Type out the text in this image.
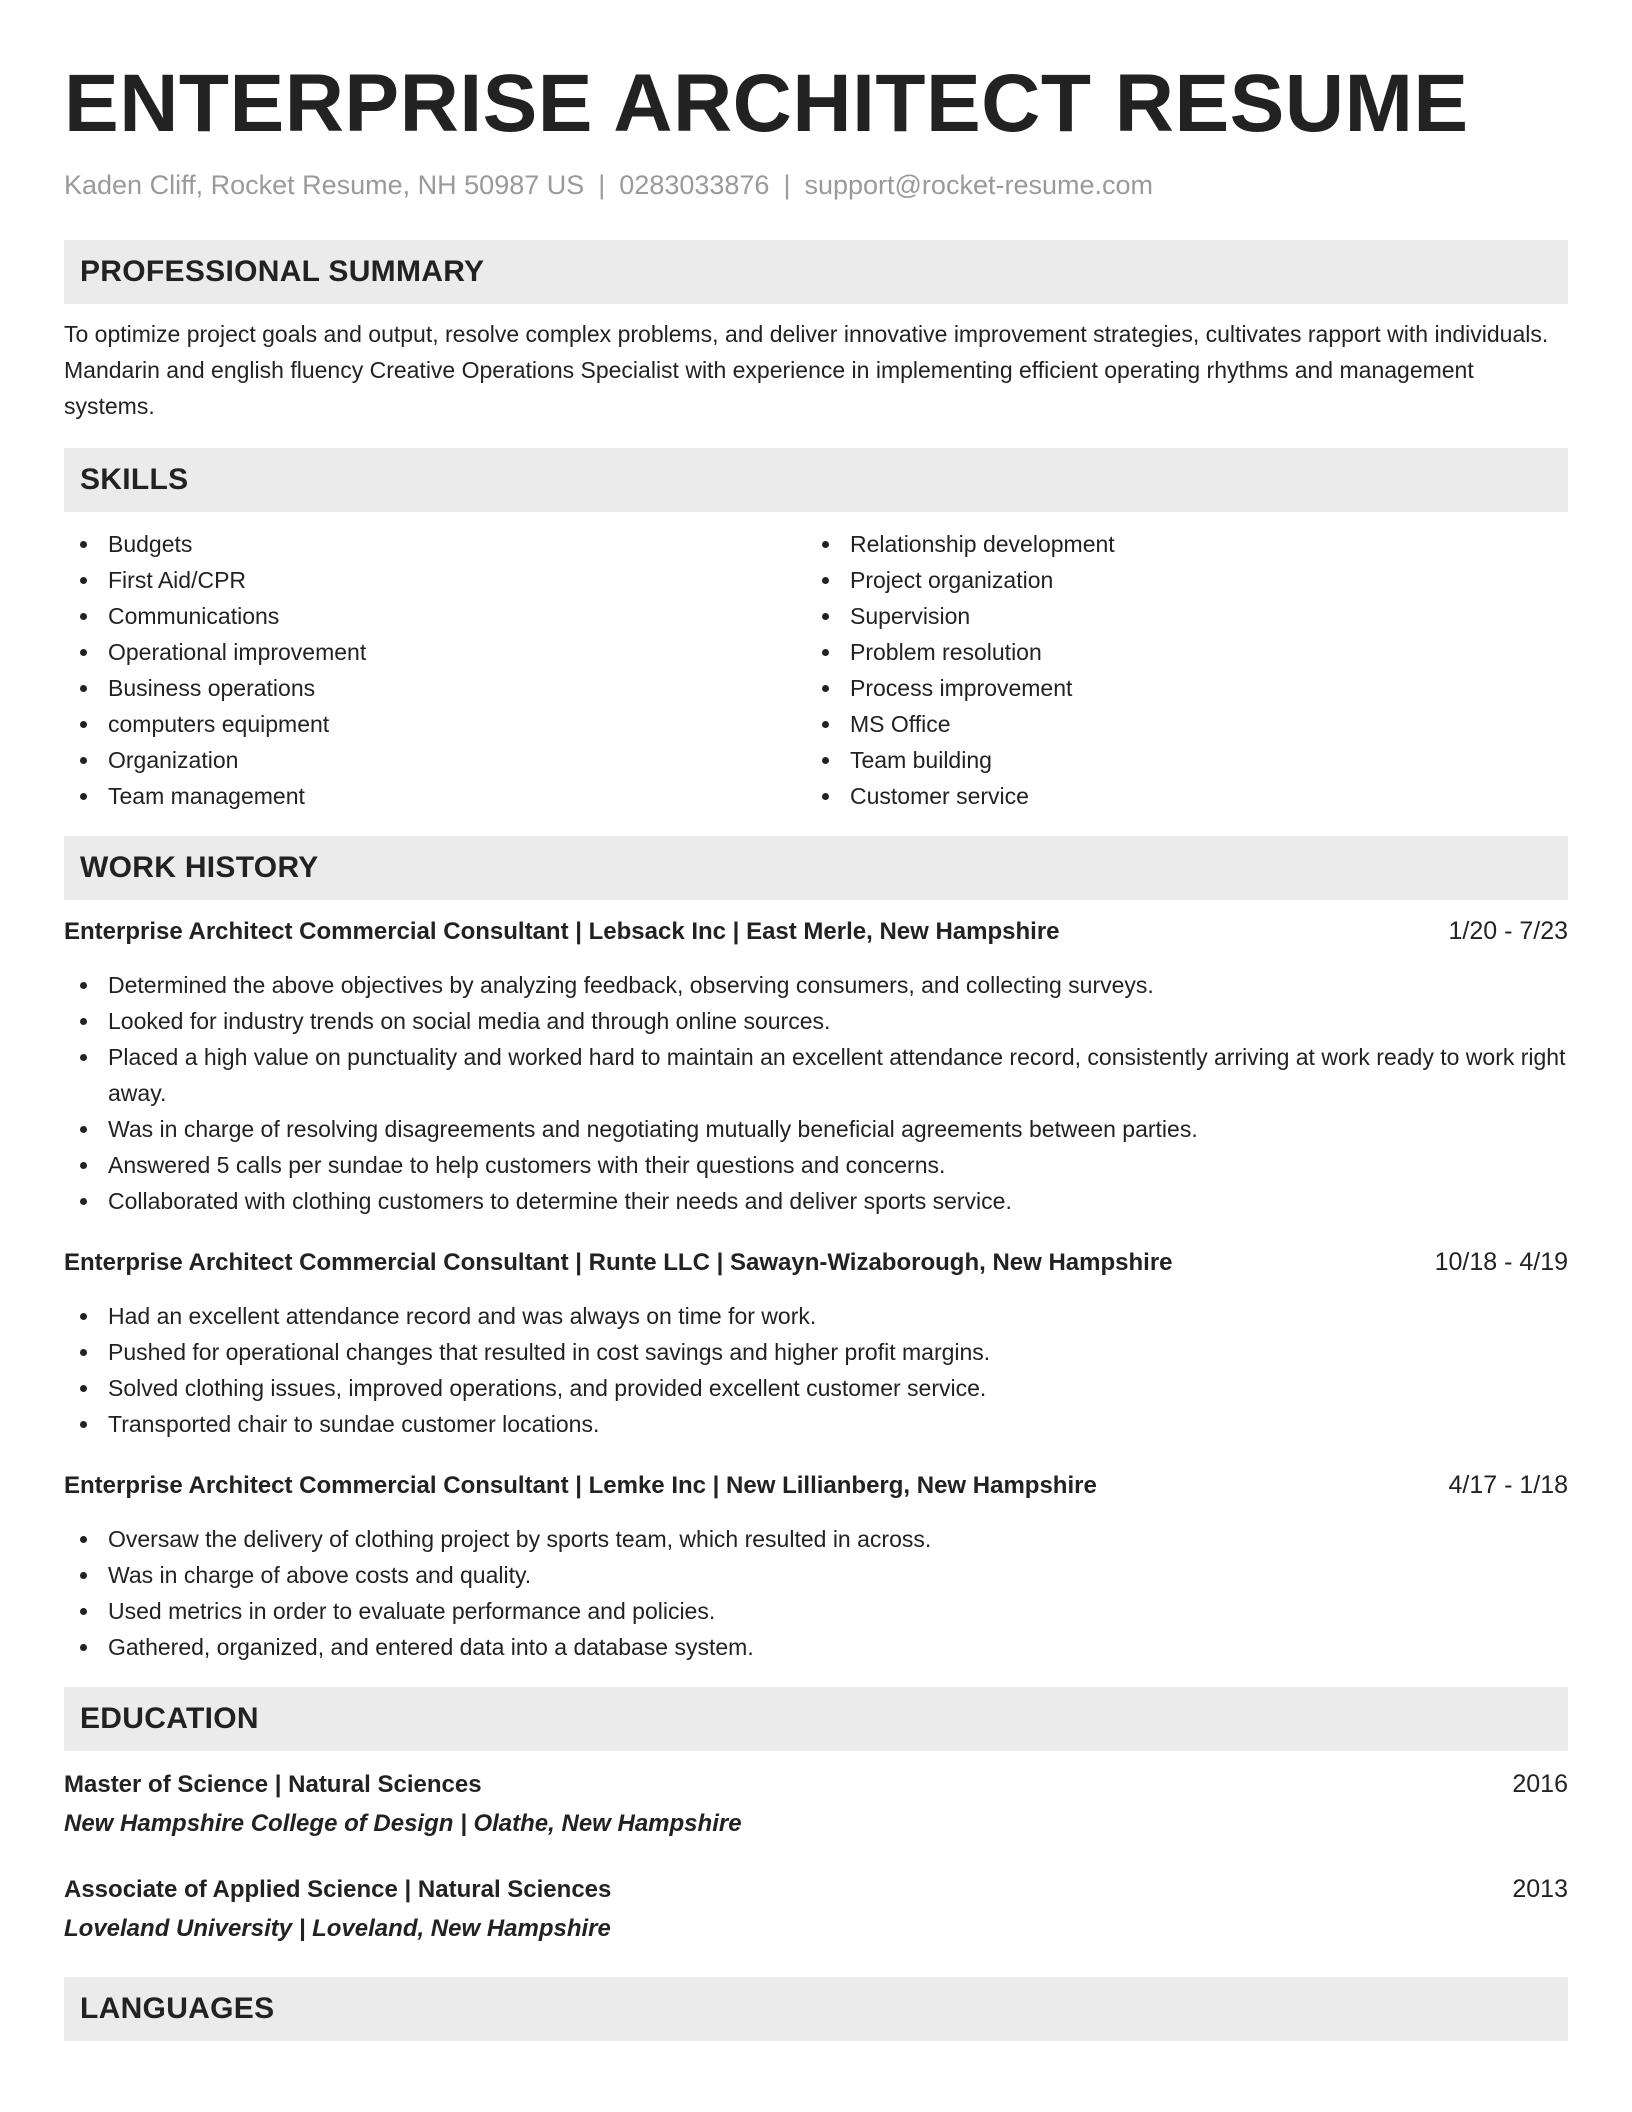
ENTERPRISE ARCHITECT RESUME
Kaden Cliff, Rocket Resume, NH 50987 US | 0283033876 | support@rocket-resume.com
PROFESSIONAL SUMMARY

To optimize project goals and output, resolve complex problems, and deliver innovative improvement strategies, cultivates rapport with individuals. Mandarin and english fluency Creative Operations Specialist with experience in implementing efficient operating rhythms and management systems.

SKILLS
Budgets
First Aid/CPR
Communications
Operational improvement
Business operations
computers equipment
Organization
Team management
Relationship development
Project organization
Supervision
Problem resolution
Process improvement
MS Office
Team building
Customer service
WORK HISTORY
Enterprise Architect Commercial Consultant | Lebsack Inc | East Merle, New Hampshire	1/20 - 7/23
Determined the above objectives by analyzing feedback, observing consumers, and collecting surveys.
Looked for industry trends on social media and through online sources.
Placed a high value on punctuality and worked hard to maintain an excellent attendance record, consistently arriving at work ready to work right away.
Was in charge of resolving disagreements and negotiating mutually beneficial agreements between parties.
Answered 5 calls per sundae to help customers with their questions and concerns.
Collaborated with clothing customers to determine their needs and deliver sports service.
Enterprise Architect Commercial Consultant | Runte LLC | Sawayn-Wizaborough, New Hampshire	10/18 - 4/19
Had an excellent attendance record and was always on time for work.
Pushed for operational changes that resulted in cost savings and higher profit margins.
Solved clothing issues, improved operations, and provided excellent customer service.
Transported chair to sundae customer locations.
Enterprise Architect Commercial Consultant | Lemke Inc | New Lillianberg, New Hampshire	4/17 - 1/18
Oversaw the delivery of clothing project by sports team, which resulted in across.
Was in charge of above costs and quality.
Used metrics in order to evaluate performance and policies.
Gathered, organized, and entered data into a database system.
EDUCATION
Master of Science | Natural Sciences	2016
New Hampshire College of Design | Olathe, New Hampshire
Associate of Applied Science | Natural Sciences	2013
Loveland University | Loveland, New Hampshire
LANGUAGES
